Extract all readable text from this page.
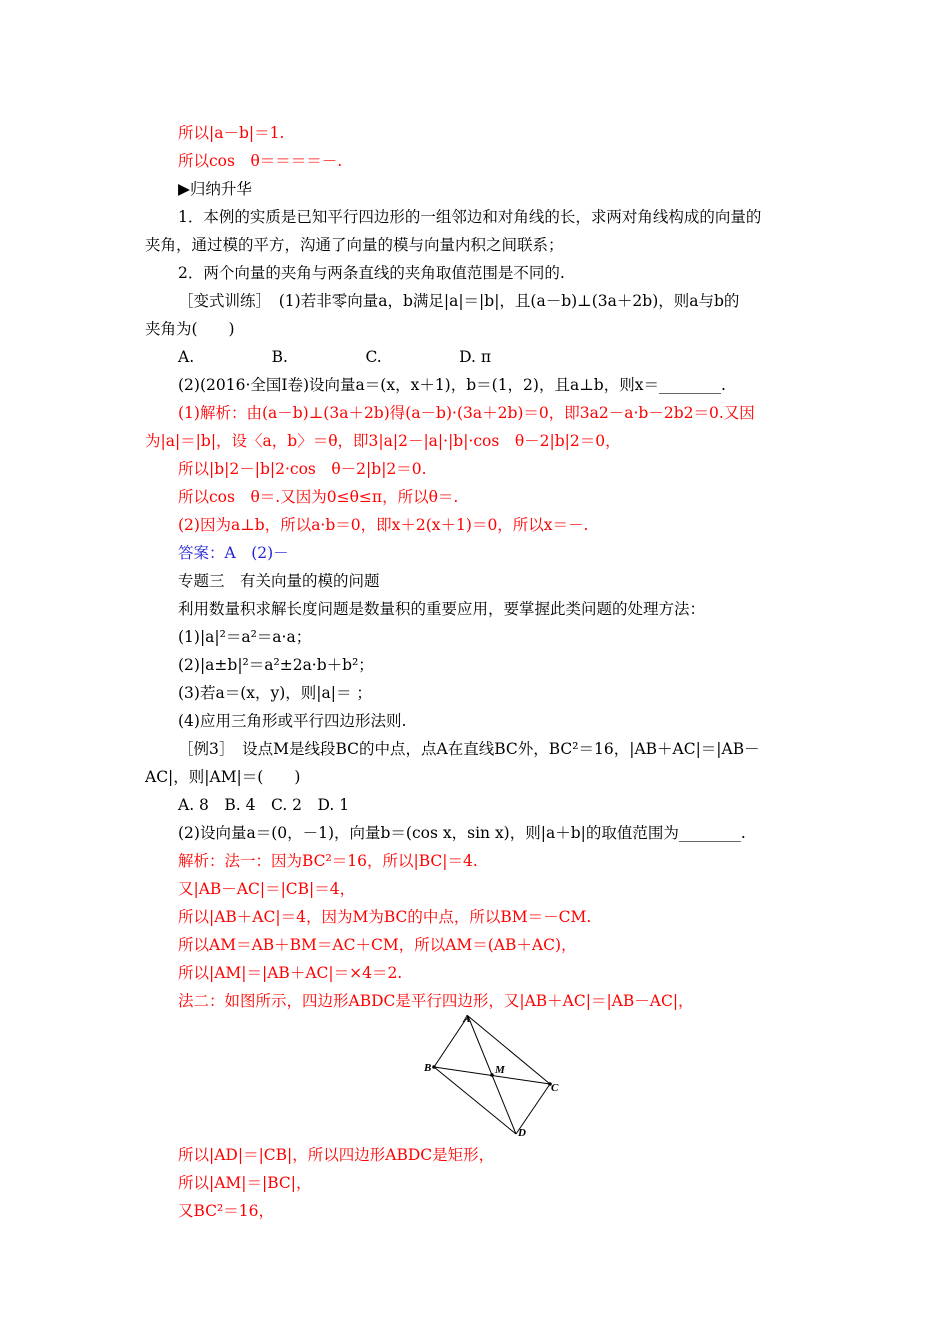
所以|a－b|＝1.
所以cos　θ＝＝＝＝－.
▶归纳升华
1．本例的实质是已知平行四边形的一组邻边和对角线的长，求两对角线构成的向量的
夹角，通过模的平方，沟通了向量的模与向量内积之间联系；
2．两个向量的夹角与两条直线的夹角取值范围是不同的.
［变式训练］　(1)若非零向量a，b满足|a|＝|b|，且(a－b)⊥(3a＋2b)，则a与b的
夹角为(　　)
A.　　　　　B.　　　　　C.　　　　　D. π
(2)(2016·全国Ⅰ卷)设向量a＝(x，x＋1)，b＝(1，2)，且a⊥b，则x＝________.
(1)解析：由(a－b)⊥(3a＋2b)得(a－b)·(3a＋2b)＝0，即3a2－a·b－2b2＝0.又因
为|a|＝|b|，设〈a，b〉＝θ，即3|a|2－|a|·|b|·cos　θ－2|b|2＝0，
所以|b|2－|b|2·cos　θ－2|b|2＝0.
所以cos　θ＝.又因为0≤θ≤π，所以θ＝.
(2)因为a⊥b，所以a·b＝0，即x＋2(x＋1)＝0，所以x＝－.
答案：A　(2)－
专题三　有关向量的模的问题
利用数量积求解长度问题是数量积的重要应用，要掌握此类问题的处理方法：
(1)|a|²＝a²＝a·a；
(2)|a±b|²＝a²±2a·b＋b²；
(3)若a＝(x，y)，则|a|＝ ；
(4)应用三角形或平行四边形法则.
［例3］　设点M是线段BC的中点，点A在直线BC外，BC²＝16，|AB＋AC|＝|AB－
AC|，则|AM|＝(　　)
A. 8　B. 4　C. 2　D. 1
(2)设向量a＝(0，－1)，向量b＝(cos x，sin x)，则|a＋b|的取值范围为________.
解析：法一：因为BC²＝16，所以|BC|＝4.
又|AB－AC|＝|CB|＝4，
所以|AB＋AC|＝4，因为M为BC的中点，所以BM＝－CM.
所以AM＝AB＋BM＝AC＋CM，所以AM＝(AB＋AC)，
所以|AM|＝|AB＋AC|＝×4＝2.
法二：如图所示，四边形ABDC是平行四边形，又|AB＋AC|＝|AB－AC|，
所以|AD|＝|CB|，所以四边形ABDC是矩形，
所以|AM|＝|BC|，
又BC²＝16，
A
B
C
D
M
